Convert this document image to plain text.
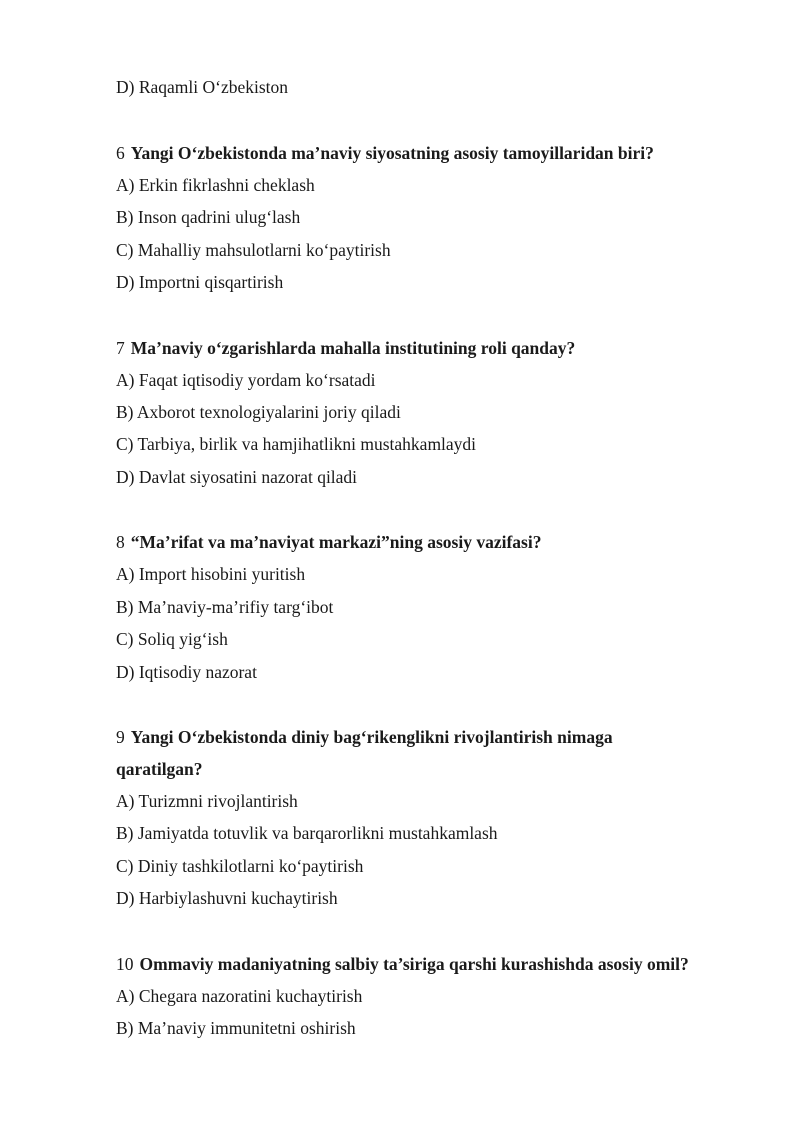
D) Raqamli O‘zbekiston

6 Yangi O‘zbekistonda ma’naviy siyosatning asosiy tamoyillaridan biri?

A) Erkin fikrlashni cheklash

B) Inson qadrini ulug‘lash

C) Mahalliy mahsulotlarni ko‘paytirish

D) Importni qisqartirish

7 Ma’naviy o‘zgarishlarda mahalla institutining roli qanday?

A) Faqat iqtisodiy yordam ko‘rsatadi

B) Axborot texnologiyalarini joriy qiladi

C) Tarbiya, birlik va hamjihatlikni mustahkamlaydi

D) Davlat siyosatini nazorat qiladi

8 “Ma’rifat va ma’naviyat markazi”ning asosiy vazifasi?

A) Import hisobini yuritish

B) Ma’naviy-ma’rifiy targ‘ibot

C) Soliq yig‘ish

D) Iqtisodiy nazorat

9 Yangi O‘zbekistonda diniy bag‘rikenglikni rivojlantirish nimaga

qaratilgan?

A) Turizmni rivojlantirish

B) Jamiyatda totuvlik va barqarorlikni mustahkamlash

C) Diniy tashkilotlarni ko‘paytirish

D) Harbiylashuvni kuchaytirish

10 Ommaviy madaniyatning salbiy ta’siriga qarshi kurashishda asosiy omil?

A) Chegara nazoratini kuchaytirish

B) Ma’naviy immunitetni oshirish
